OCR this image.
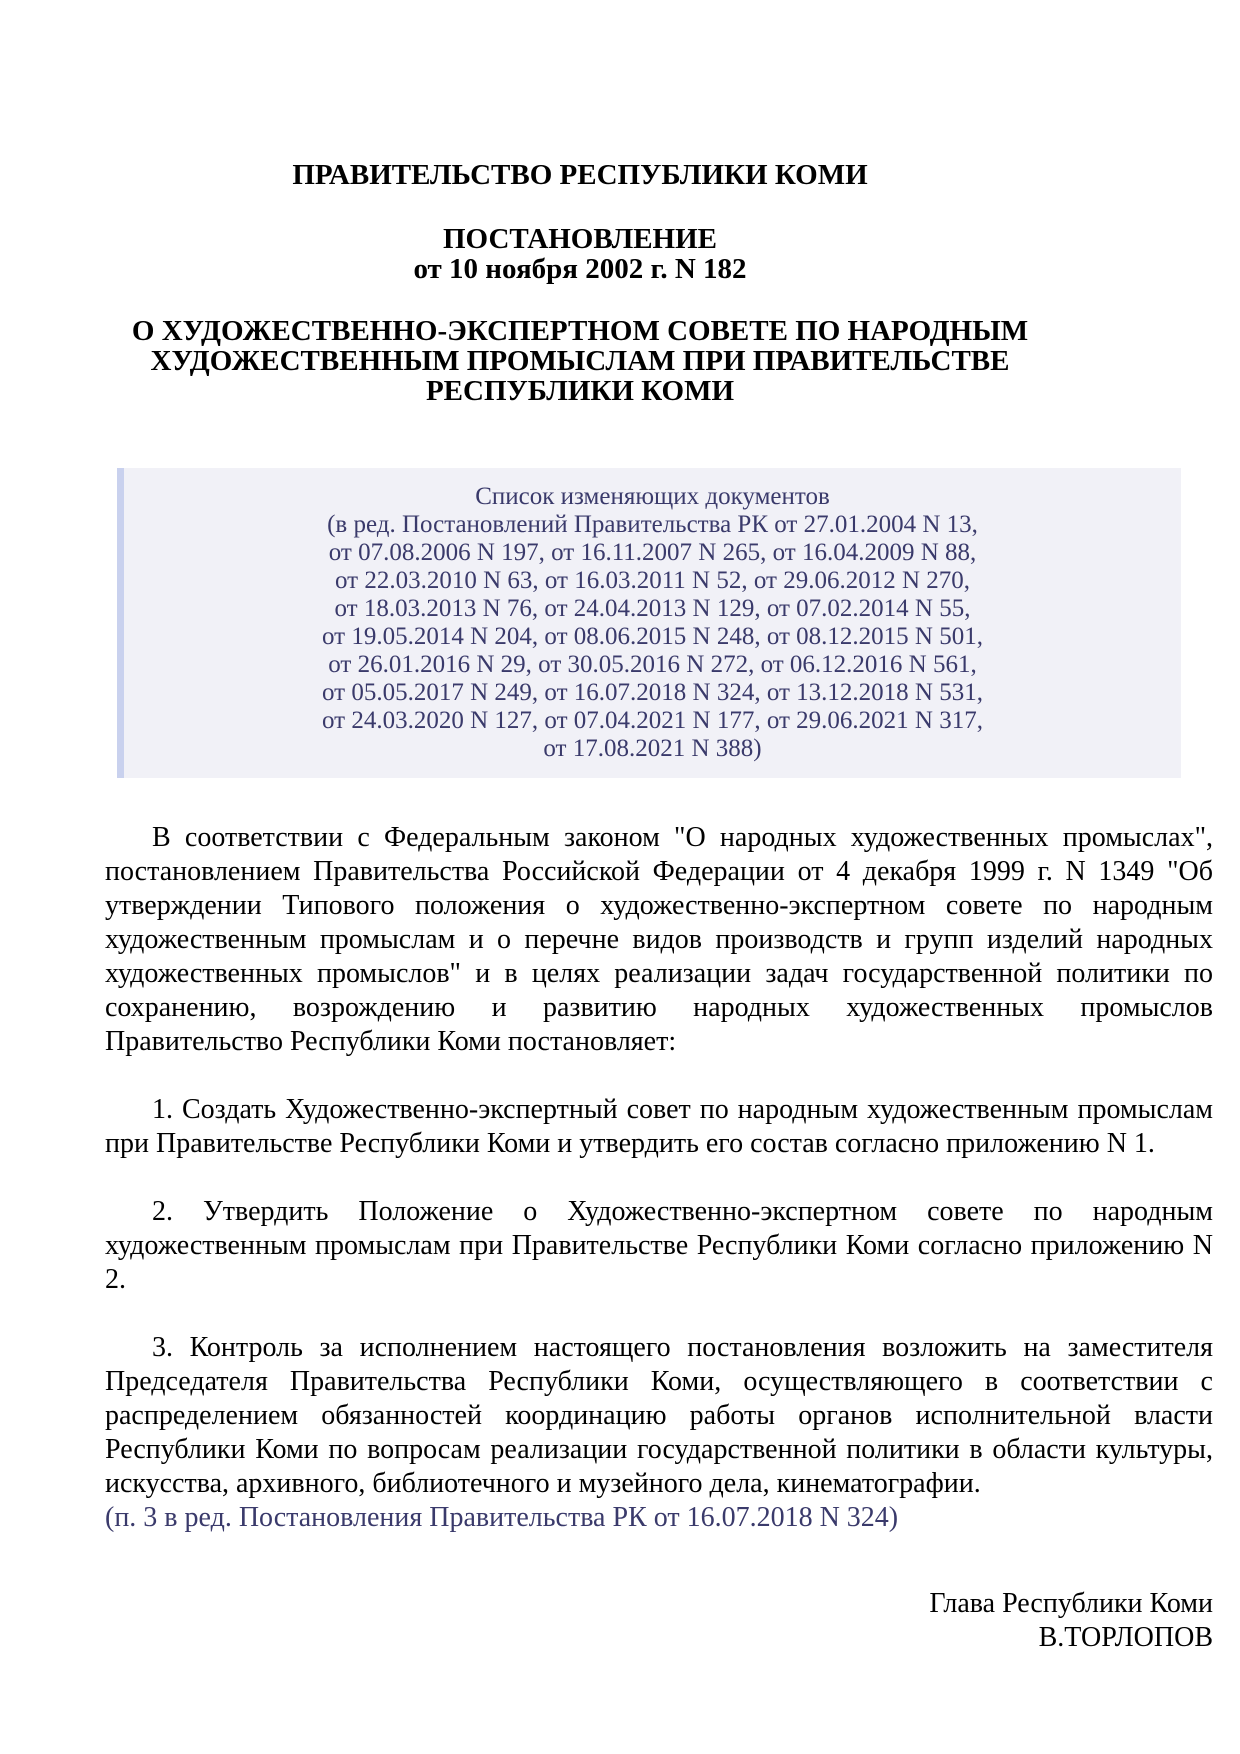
ПРАВИТЕЛЬСТВО РЕСПУБЛИКИ КОМИ
ПОСТАНОВЛЕНИЕ
от 10 ноября 2002 г. N 182
О ХУДОЖЕСТВЕННО-ЭКСПЕРТНОМ СОВЕТЕ ПО НАРОДНЫМ
ХУДОЖЕСТВЕННЫМ ПРОМЫСЛАМ ПРИ ПРАВИТЕЛЬСТВЕ
РЕСПУБЛИКИ КОМИ
Список изменяющих документов
(в ред. Постановлений Правительства РК от 27.01.2004 N 13,
от 07.08.2006 N 197, от 16.11.2007 N 265, от 16.04.2009 N 88,
от 22.03.2010 N 63, от 16.03.2011 N 52, от 29.06.2012 N 270,
от 18.03.2013 N 76, от 24.04.2013 N 129, от 07.02.2014 N 55,
от 19.05.2014 N 204, от 08.06.2015 N 248, от 08.12.2015 N 501,
от 26.01.2016 N 29, от 30.05.2016 N 272, от 06.12.2016 N 561,
от 05.05.2017 N 249, от 16.07.2018 N 324, от 13.12.2018 N 531,
от 24.03.2020 N 127, от 07.04.2021 N 177, от 29.06.2021 N 317,
от 17.08.2021 N 388)

В соответствии с Федеральным законом "О народных художественных промыслах", постановлением Правительства Российской Федерации от 4 декабря 1999 г. N 1349 "Об утверждении Типового положения о художественно-экспертном совете по народным художественным промыслам и о перечне видов производств и групп изделий народных художественных промыслов" и в целях реализации задач государственной политики по сохранению, возрождению и развитию народных художественных промыслов Правительство Республики Коми постановляет:

1. Создать Художественно-экспертный совет по народным художественным промыслам при Правительстве Республики Коми и утвердить его состав согласно приложению N 1.

2. Утвердить Положение о Художественно-экспертном совете по народным художественным промыслам при Правительстве Республики Коми согласно приложению N 2.

3. Контроль за исполнением настоящего постановления возложить на заместителя Председателя Правительства Республики Коми, осуществляющего в соответствии с распределением обязанностей координацию работы органов исполнительной власти Республики Коми по вопросам реализации государственной политики в области культуры, искусства, архивного, библиотечного и музейного дела, кинематографии.

(п. 3 в ред. Постановления Правительства РК от 16.07.2018 N 324)

Глава Республики Коми
В.ТОРЛОПОВ
